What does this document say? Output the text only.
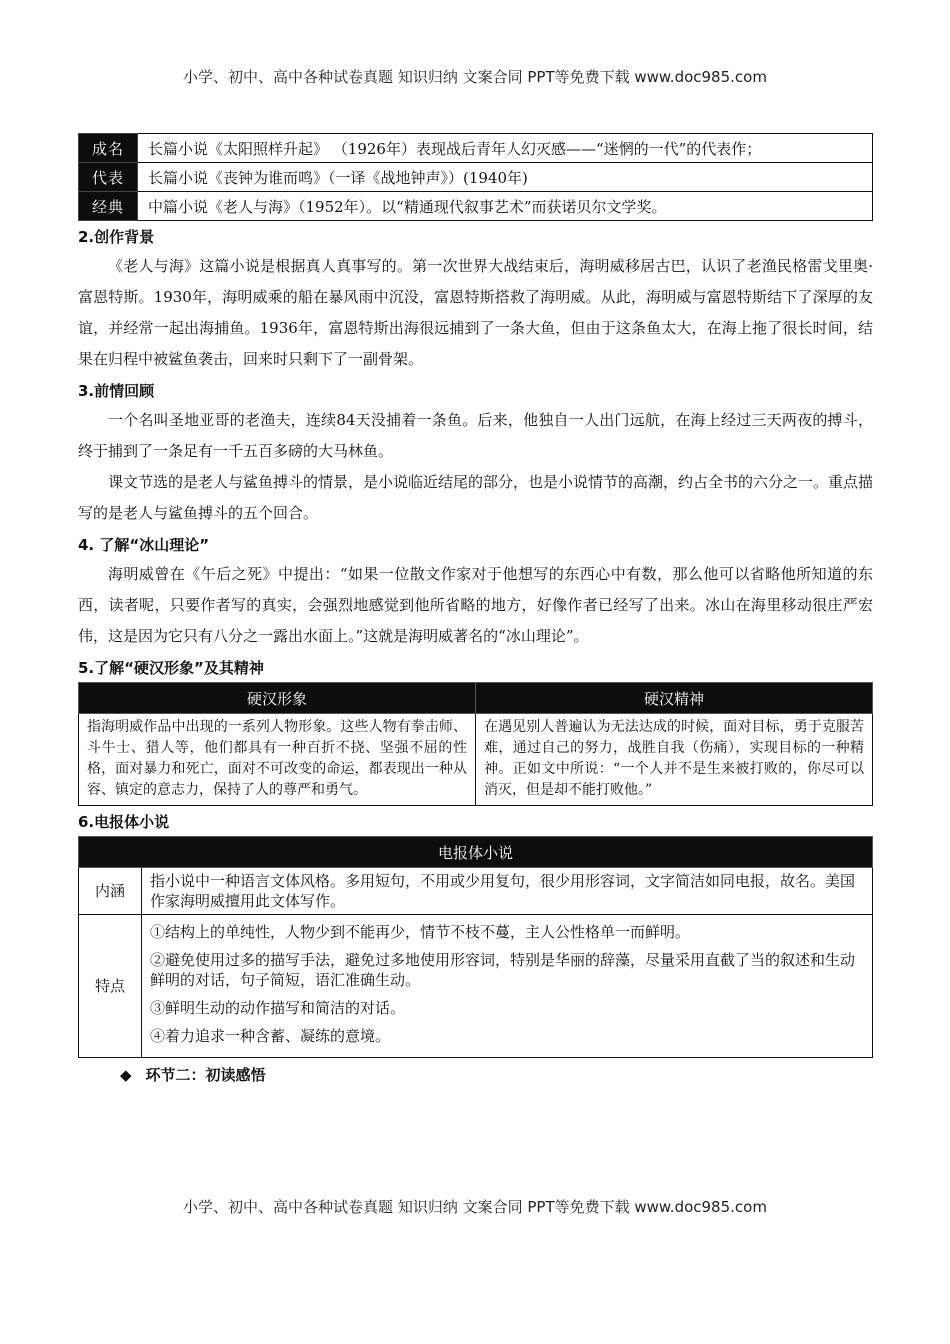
小学、初中、高中各种试卷真题 知识归纳 文案合同 PPT等免费下载 www.doc985.com
成名	长篇小说《太阳照样升起》 （1926年）表现战后青年人幻灭感——“迷惘的一代”的代表作；
代表	长篇小说《丧钟为谁而鸣》（一译《战地钟声》）(1940年)
经典	中篇小说《老人与海》（1952年）。以“精通现代叙事艺术”而获诺贝尔文学奖。
2.创作背景

《老人与海》这篇小说是根据真人真事写的。第一次世界大战结束后，海明威移居古巴，认识了老渔民格雷戈里奥·富恩特斯。1930年，海明威乘的船在暴风雨中沉没，富恩特斯搭救了海明威。从此，海明威与富恩特斯结下了深厚的友谊，并经常一起出海捕鱼。1936年，富恩特斯出海很远捕到了一条大鱼，但由于这条鱼太大，在海上拖了很长时间，结果在归程中被鲨鱼袭击，回来时只剩下了一副骨架。

3.前情回顾

一个名叫圣地亚哥的老渔夫，连续84天没捕着一条鱼。后来，他独自一人出门远航，在海上经过三天两夜的搏斗，终于捕到了一条足有一千五百多磅的大马林鱼。

课文节选的是老人与鲨鱼搏斗的情景，是小说临近结尾的部分，也是小说情节的高潮，约占全书的六分之一。重点描写的是老人与鲨鱼搏斗的五个回合。

4. 了解“冰山理论”

海明威曾在《午后之死》中提出：“如果一位散文作家对于他想写的东西心中有数，那么他可以省略他所知道的东西，读者呢，只要作者写的真实，会强烈地感觉到他所省略的地方，好像作者已经写了出来。冰山在海里移动很庄严宏伟，这是因为它只有八分之一露出水面上。”这就是海明威著名的“冰山理论”。

5.了解“硬汉形象”及其精神
硬汉形象	硬汉精神
指海明威作品中出现的一系列人物形象。这些人物有拳击师、斗牛士、猎人等，他们都具有一种百折不挠、坚强不屈的性格，面对暴力和死亡，面对不可改变的命运，都表现出一种从容、镇定的意志力，保持了人的尊严和勇气。	在遇见别人普遍认为无法达成的时候，面对目标，勇于克服苦难，通过自己的努力，战胜自我（伤痛），实现目标的一种精神。正如文中所说：“一个人并不是生来被打败的，你尽可以消灭，但是却不能打败他。”
6.电报体小说
电报体小说	
内涵	指小说中一种语言文体风格。多用短句，不用或少用复句，很少用形容词，文字简洁如同电报，故名。美国作家海明威擅用此文体写作。
特点	①结构上的单纯性，人物少到不能再少，情节不枝不蔓，主人公性格单一而鲜明。
②避免使用过多的描写手法，避免过多地使用形容词，特别是华丽的辞藻，尽量采用直截了当的叙述和生动鲜明的对话，句子简短，语汇准确生动。
③鲜明生动的动作描写和简洁的对话。
④着力追求一种含蓄、凝练的意境。
◆ 环节二：初读感悟
小学、初中、高中各种试卷真题 知识归纳 文案合同 PPT等免费下载 www.doc985.com
